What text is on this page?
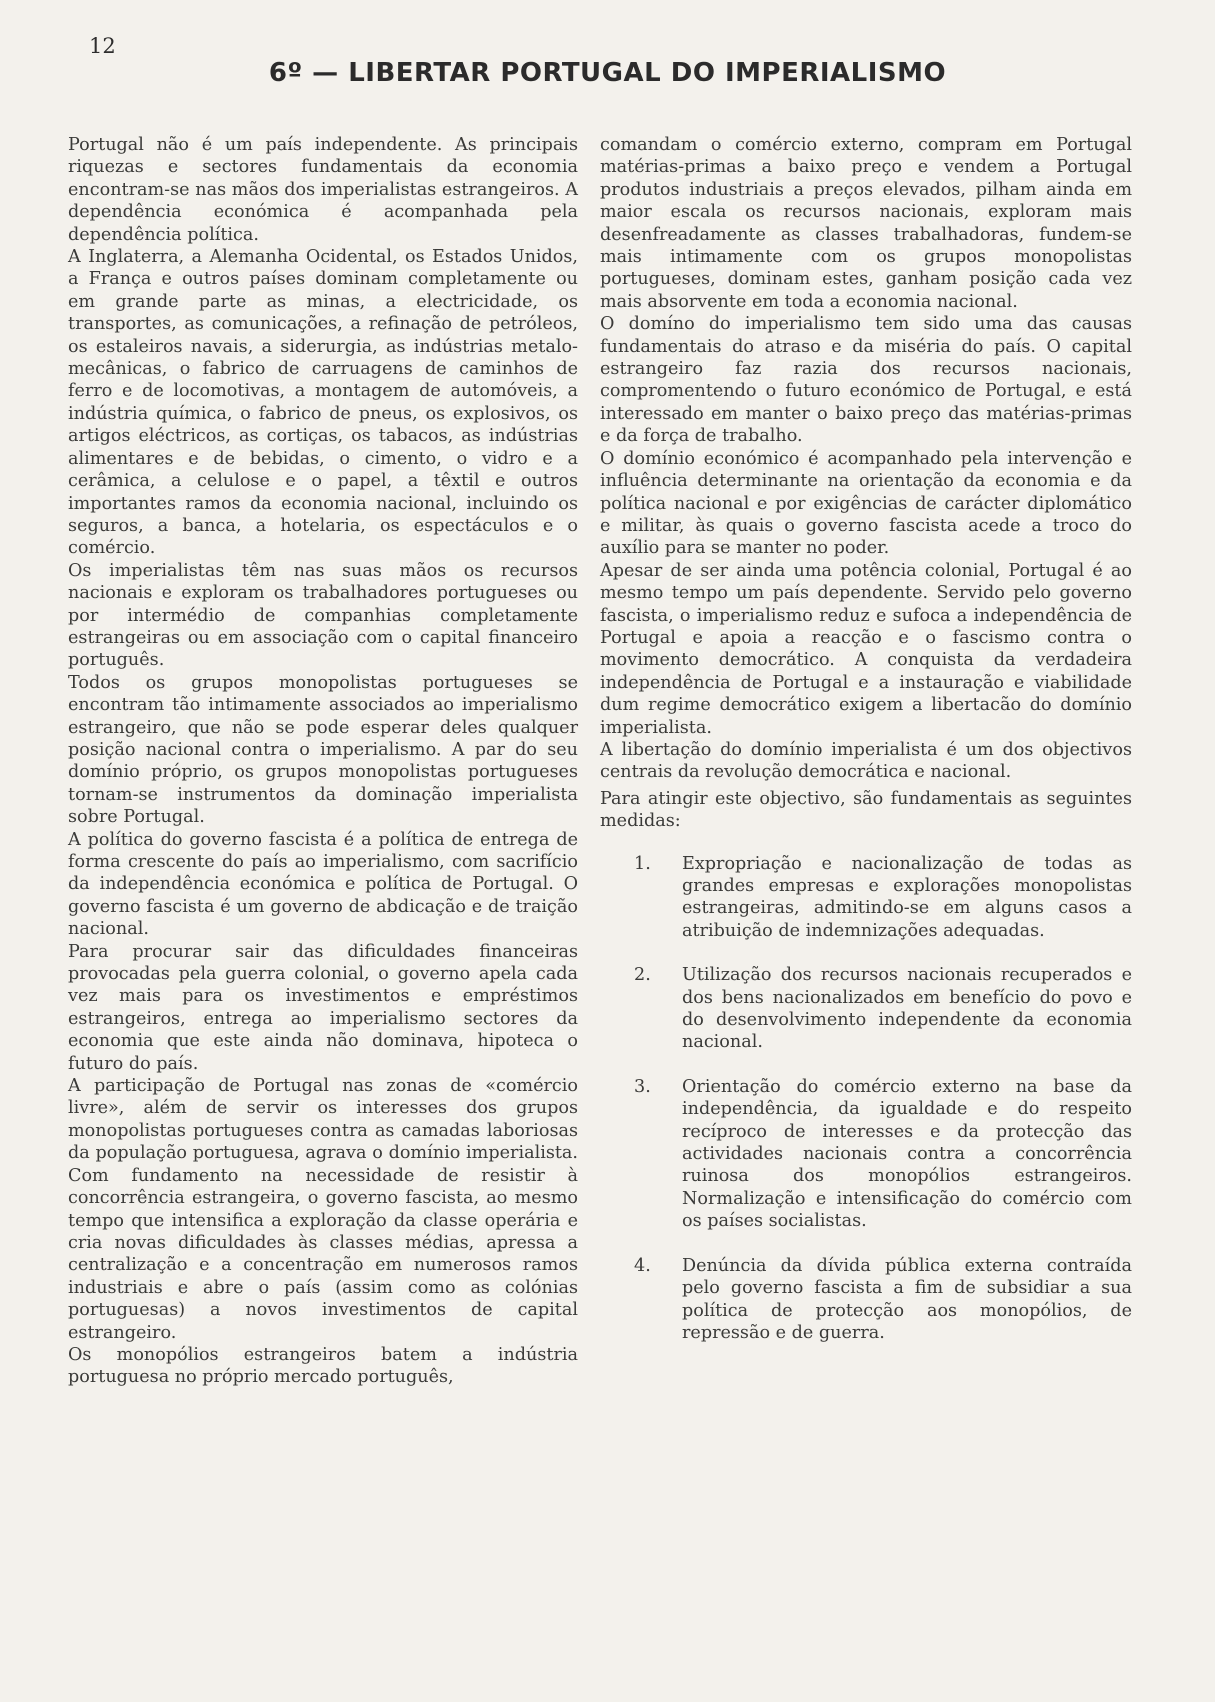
12
6º — LIBERTAR PORTUGAL DO IMPERIALISMO

Portugal não é um país independente. As principais riquezas e sectores fundamentais da economia encontram-se nas mãos dos imperialistas estrangeiros. A dependência económica é acompanhada pela dependência política.

A Inglaterra, a Alemanha Ocidental, os Estados Unidos, a França e outros países dominam completamente ou em grande parte as minas, a electricidade, os transportes, as comunicações, a refinação de petróleos, os estaleiros navais, a siderurgia, as indústrias metalo-mecânicas, o fabrico de carruagens de caminhos de ferro e de locomotivas, a montagem de automóveis, a indústria química, o fabrico de pneus, os explosivos, os artigos eléctricos, as cortiças, os tabacos, as indústrias alimentares e de bebidas, o cimento, o vidro e a cerâmica, a celulose e o papel, a têxtil e outros importantes ramos da economia nacional, incluindo os seguros, a banca, a hotelaria, os espectáculos e o comércio.

Os imperialistas têm nas suas mãos os recursos nacionais e exploram os trabalhadores portugueses ou por intermédio de companhias completamente estrangeiras ou em associação com o capital financeiro português.

Todos os grupos monopolistas portugueses se encontram tão intimamente associados ao imperialismo estrangeiro, que não se pode esperar deles qualquer posição nacional contra o imperialismo. A par do seu domínio próprio, os grupos monopolistas portugueses tornam-se instrumentos da dominação imperialista sobre Portugal.

A política do governo fascista é a política de entrega de forma crescente do país ao imperialismo, com sacrifício da independência económica e política de Portugal. O governo fascista é um governo de abdicação e de traição nacional.

Para procurar sair das dificuldades financeiras provocadas pela guerra colonial, o governo apela cada vez mais para os investimentos e empréstimos estrangeiros, entrega ao imperialismo sectores da economia que este ainda não dominava, hipoteca o futuro do país.

A participação de Portugal nas zonas de «comércio livre», além de servir os interesses dos grupos monopolistas portugueses contra as camadas laboriosas da população portuguesa, agrava o domínio imperialista. Com fundamento na necessidade de resistir à concorrência estrangeira, o governo fascista, ao mesmo tempo que intensifica a exploração da classe operária e cria novas dificuldades às classes médias, apressa a centralização e a concentração em numerosos ramos industriais e abre o país (assim como as colónias portuguesas) a novos investimentos de capital estrangeiro.

Os monopólios estrangeiros batem a indústria portuguesa no próprio mercado português,

comandam o comércio externo, compram em Portugal matérias-primas a baixo preço e vendem a Portugal produtos industriais a preços elevados, pilham ainda em maior escala os recursos nacionais, exploram mais desenfreadamente as classes trabalhadoras, fundem-se mais intimamente com os grupos monopolistas portugueses, dominam estes, ganham posição cada vez mais absorvente em toda a economia nacional.

O domíno do imperialismo tem sido uma das causas fundamentais do atraso e da miséria do país. O capital estrangeiro faz razia dos recursos nacionais, compromentendo o futuro económico de Portugal, e está interessado em manter o baixo preço das matérias-primas e da força de trabalho.

O domínio económico é acompanhado pela intervenção e influência determinante na orientação da economia e da política nacional e por exigências de carácter diplomático e militar, às quais o governo fascista acede a troco do auxílio para se manter no poder.

Apesar de ser ainda uma potência colonial, Portugal é ao mesmo tempo um país dependente. Servido pelo governo fascista, o imperialismo reduz e sufoca a independência de Portugal e apoia a reacção e o fascismo contra o movimento democrático. A conquista da verdadeira independência de Portugal e a instauração e viabilidade dum regime democrático exigem a libertacão do domínio imperialista.

A libertação do domínio imperialista é um dos objectivos centrais da revolução democrática e nacional.

Para atingir este objectivo, são fundamentais as seguintes medidas:

1. Expropriação e nacionalização de todas as grandes empresas e explorações monopolistas estrangeiras, admitindo-se em alguns casos a atribuição de indemnizações adequadas.
2. Utilização dos recursos nacionais recuperados e dos bens nacionalizados em benefício do povo e do desenvolvimento independente da economia nacional.
3. Orientação do comércio externo na base da independência, da igualdade e do respeito recíproco de interesses e da protecção das actividades nacionais contra a concorrência ruinosa dos monopólios estrangeiros. Normalização e intensificação do comércio com os países socialistas.
4. Denúncia da dívida pública externa contraída pelo governo fascista a fim de subsidiar a sua política de protecção aos monopólios, de repressão e de guerra.
